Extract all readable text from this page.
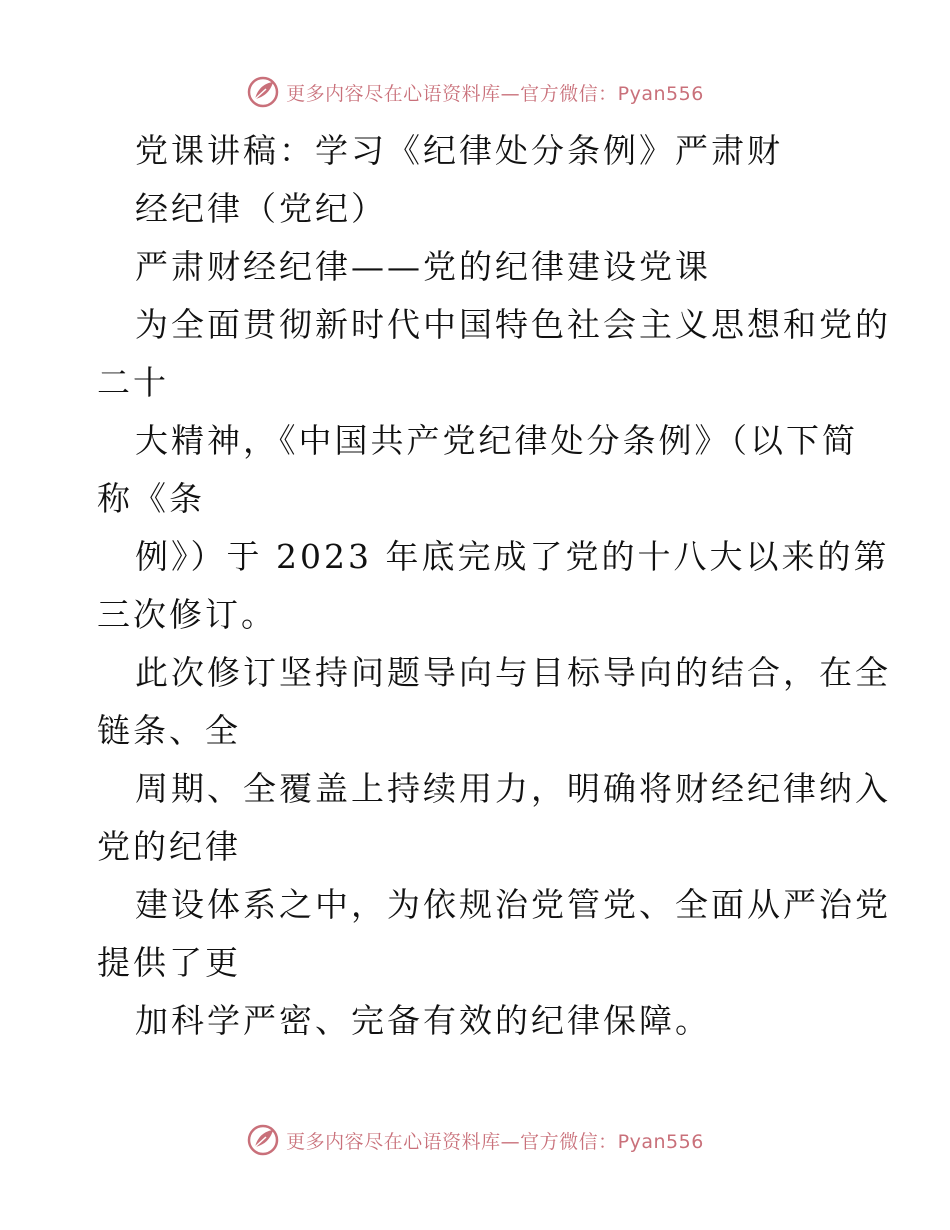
更多内容尽在心语资料库—官方微信：Pyan556
党课讲稿：学习《纪律处分条例》严肃财
经纪律（党纪）
严肃财经纪律——党的纪律建设党课
为全面贯彻新时代中国特色社会主义思想和党的
二十
大精神，《中国共产党纪律处分条例》（以下简
称《条
例》）于 2023 年底完成了党的十八大以来的第
三次修订。
此次修订坚持问题导向与目标导向的结合，在全
链条、全
周期、全覆盖上持续用力，明确将财经纪律纳入
党的纪律
建设体系之中，为依规治党管党、全面从严治党
提供了更
加科学严密、完备有效的纪律保障。
更多内容尽在心语资料库—官方微信：Pyan556
